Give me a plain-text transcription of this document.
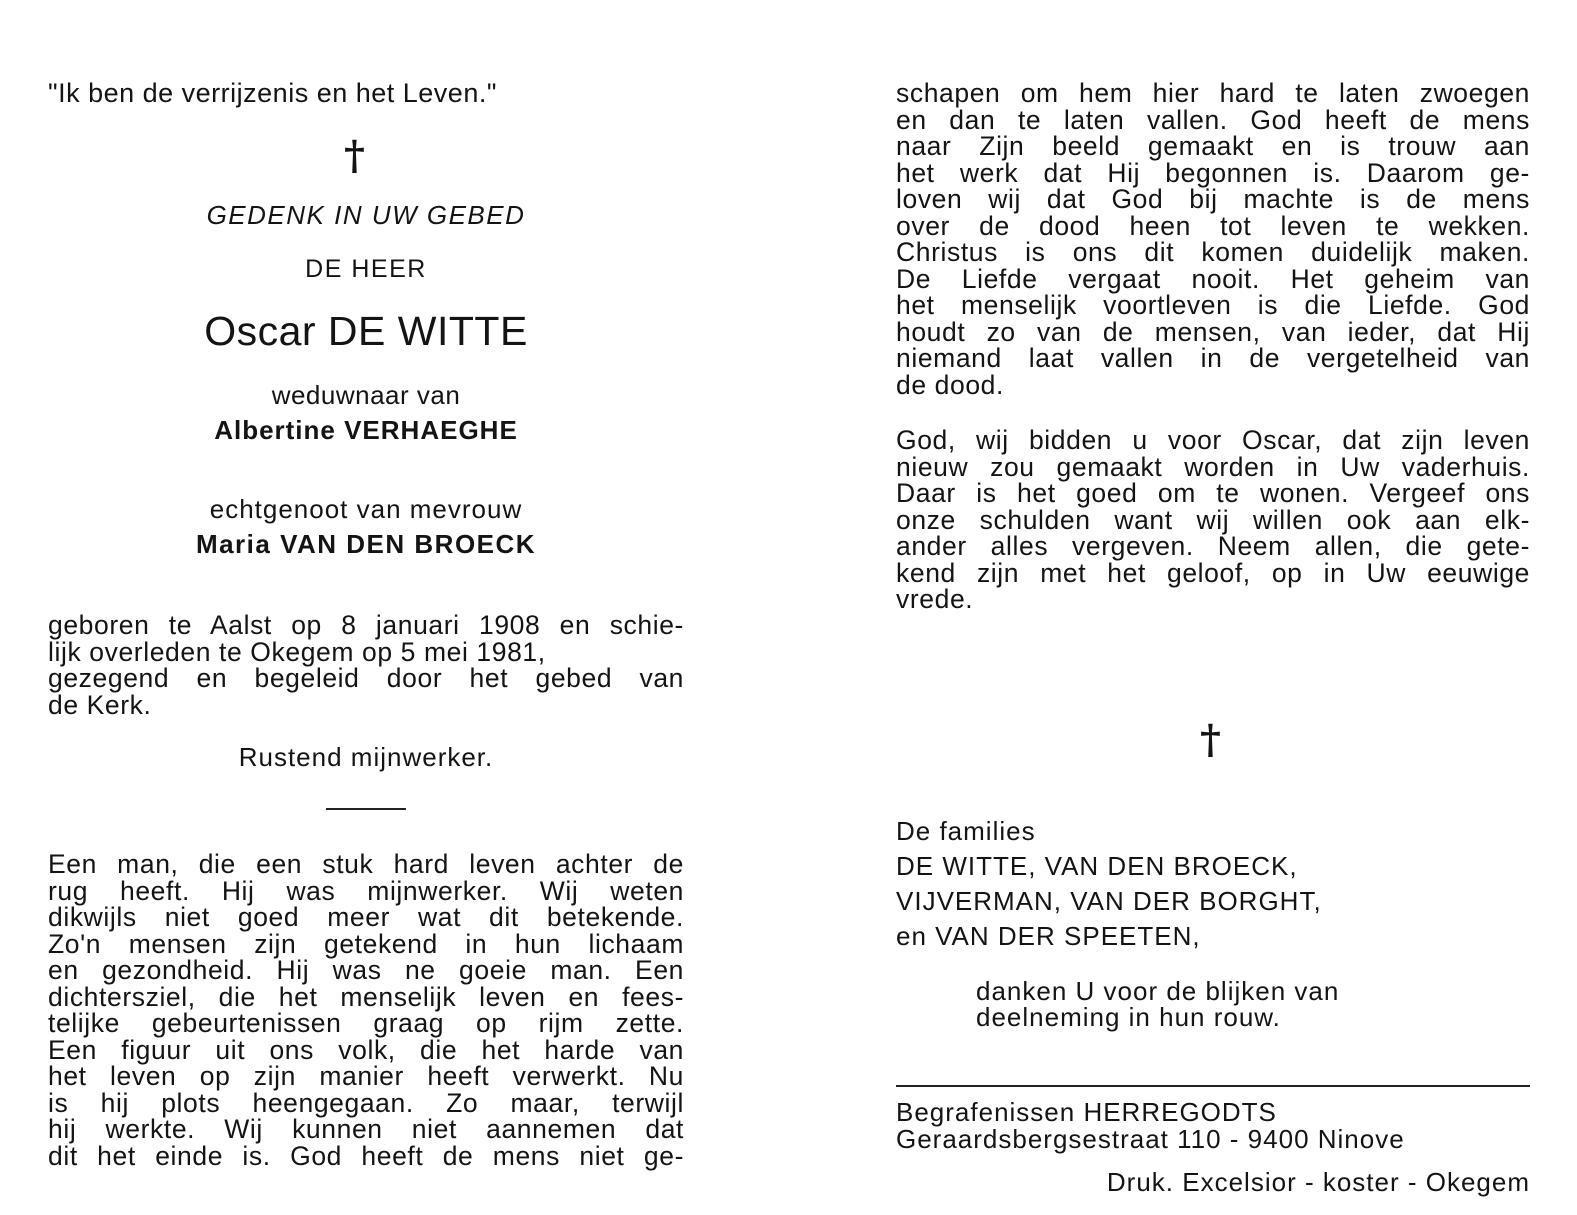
"Ik ben de verrijzenis en het Leven."
†
GEDENK IN UW GEBED
DE HEER
Oscar DE WITTE
weduwnaar van
Albertine VERHAEGHE
echtgenoot van mevrouw
Maria VAN DEN BROECK
geboren te Aalst op 8 januari 1908 en schie-
lijk overleden te Okegem op 5 mei 1981,
gezegend en begeleid door het gebed van
de Kerk.
Rustend mijnwerker.
Een man, die een stuk hard leven achter de
rug heeft. Hij was mijnwerker. Wij weten
dikwijls niet goed meer wat dit betekende.
Zo'n mensen zijn getekend in hun lichaam
en gezondheid. Hij was ne goeie man. Een
dichtersziel, die het menselijk leven en fees-
telijke gebeurtenissen graag op rijm zette.
Een figuur uit ons volk, die het harde van
het leven op zijn manier heeft verwerkt. Nu
is hij plots heengegaan. Zo maar, terwijl
hij werkte. Wij kunnen niet aannemen dat
dit het einde is. God heeft de mens niet ge-
schapen om hem hier hard te laten zwoegen
en dan te laten vallen. God heeft de mens
naar Zijn beeld gemaakt en is trouw aan
het werk dat Hij begonnen is. Daarom ge-
loven wij dat God bij machte is de mens
over de dood heen tot leven te wekken.
Christus is ons dit komen duidelijk maken.
De Liefde vergaat nooit. Het geheim van
het menselijk voortleven is die Liefde. God
houdt zo van de mensen, van ieder, dat Hij
niemand laat vallen in de vergetelheid van
de dood.
God, wij bidden u voor Oscar, dat zijn leven
nieuw zou gemaakt worden in Uw vaderhuis.
Daar is het goed om te wonen. Vergeef ons
onze schulden want wij willen ook aan elk-
ander alles vergeven. Neem allen, die gete-
kend zijn met het geloof, op in Uw eeuwige
vrede.
†
De families
DE WITTE, VAN DEN BROECK,
VIJVERMAN, VAN DER BORGHT,
en VAN DER SPEETEN,
danken U voor de blijken van
deelneming in hun rouw.
Begrafenissen HERREGODTS
Geraardsbergsestraat 110 - 9400 Ninove
Druk. Excelsior - koster - Okegem
